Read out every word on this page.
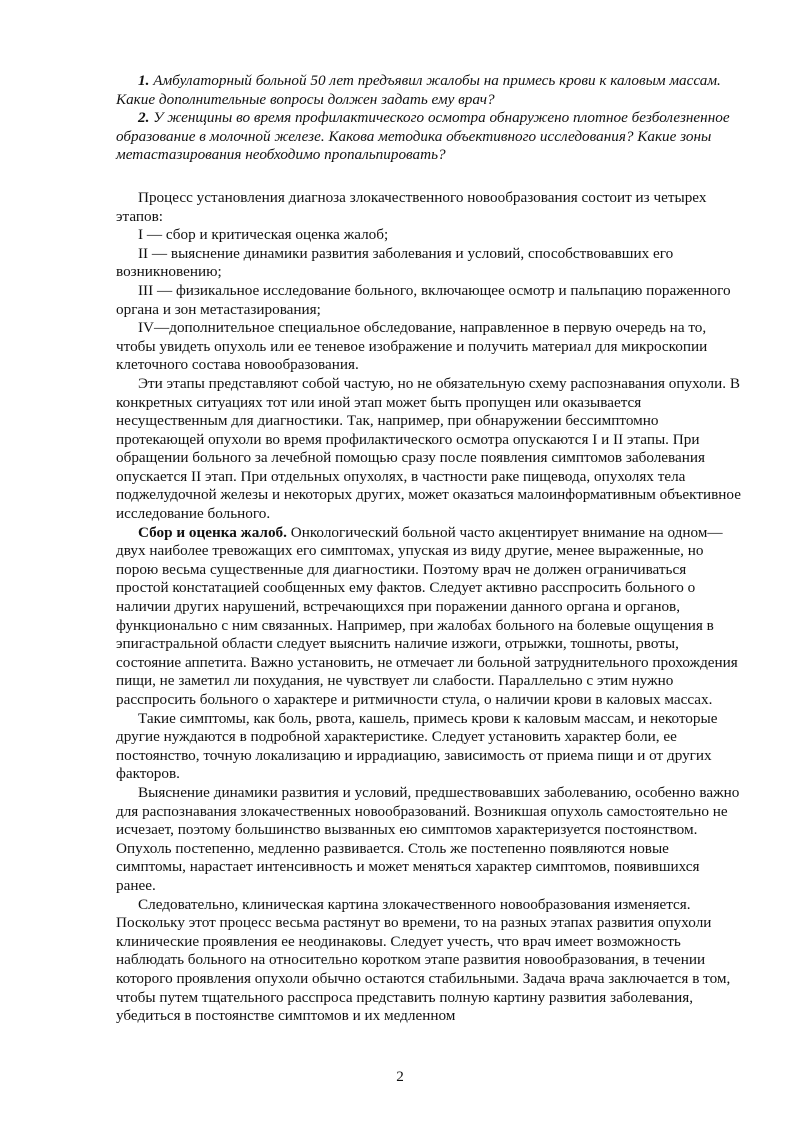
1. Амбулаторный больной 50 лет предъявил жалобы на примесь крови к каловым массам. Какие дополнительные вопросы должен задать ему врач?

2. У женщины во время профилактического осмотра обнаружено плотное безболезненное образование в молочной железе. Какова методика объективного исследования? Какие зоны метастазирования необходимо пропальпировать?

Процесс установления диагноза злокачественного новообразования состоит из четырех этапов:

I — сбор и критическая оценка жалоб;

II — выяснение динамики развития заболевания и условий, способствовавших его возникновению;

III — физикальное исследование больного, включающее осмотр и пальпацию пораженного органа и зон метастазирования;

IV—дополнительное специальное обследование, направленное в первую очередь на то, чтобы увидеть опухоль или ее теневое изображение и получить материал для микроскопии клеточного состава новообразования.

Эти этапы представляют собой частую, но не обязательную схему распознавания опухоли. В конкретных ситуациях тот или иной этап может быть пропущен или оказывается несущественным для диагностики. Так, например, при обнаружении бессимптомно протекающей опухоли во время профилактического осмотра опускаются I и II этапы. При обращении больного за лечебной помощью сразу после появления симптомов заболевания опускается II этап. При отдельных опухолях, в частности раке пищевода, опухолях тела поджелудочной железы и некоторых других, может оказаться малоинформативным объективное исследование больного.

Сбор и оценка жалоб. Онкологический больной часто акцентирует внимание на одном—двух наиболее тревожащих его симптомах, упуская из виду другие, менее выраженные, но порою весьма существенные для диагностики. Поэтому врач не должен ограничиваться простой констатацией сообщенных ему фактов. Следует активно расспросить больного о наличии других нарушений, встречающихся при поражении данного органа и органов, функционально с ним связанных. Например, при жалобах больного на болевые ощущения в эпигастральной области следует выяснить наличие изжоги, отрыжки, тошноты, рвоты, состояние аппетита. Важно установить, не отмечает ли больной затруднительного прохождения пищи, не заметил ли похудания, не чувствует ли слабости. Параллельно с этим нужно расспросить больного о характере и ритмичности стула, о наличии крови в каловых массах.

Такие симптомы, как боль, рвота, кашель, примесь крови к каловым массам, и некоторые другие нуждаются в подробной характеристике. Следует установить характер боли, ее постоянство, точную локализацию и иррадиацию, зависимость от приема пищи и от других факторов.

Выяснение динамики развития и условий, предшествовавших заболеванию, особенно важно для распознавания злокачественных новообразований. Возникшая опухоль самостоятельно не исчезает, поэтому большинство вызванных ею симптомов характеризуется постоянством. Опухоль постепенно, медленно развивается. Столь же постепенно появляются новые симптомы, нарастает интенсивность и может меняться характер симптомов, появившихся ранее.

Следовательно, клиническая картина злокачественного новообразования изменяется. Поскольку этот процесс весьма растянут во времени, то на разных этапах развития опухоли клинические проявления ее неодинаковы. Следует учесть, что врач имеет возможность наблюдать больного на относительно коротком этапе развития новообразования, в течении которого проявления опухоли обычно остаются стабильными. Задача врача заключается в том, чтобы путем тщательного расспроса представить полную картину развития заболевания, убедиться в постоянстве симптомов и их медленном

2
